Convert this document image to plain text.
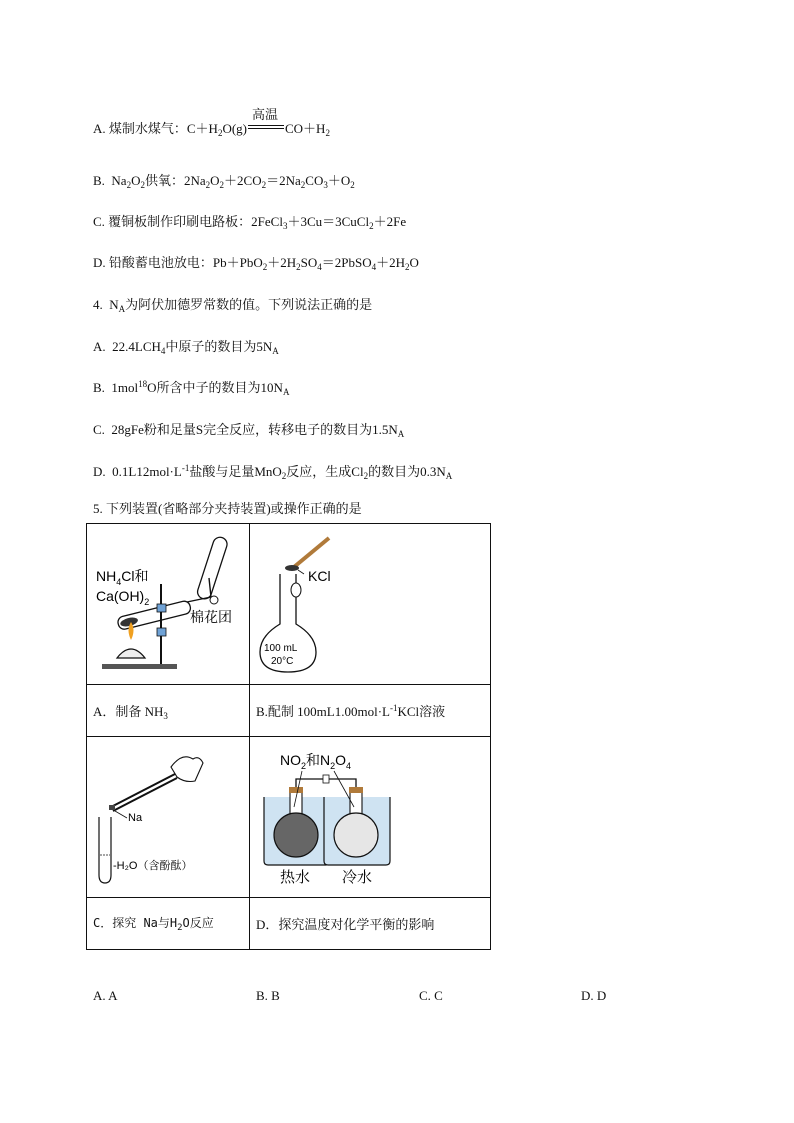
A. 煤制水煤气：$C+H_2O(g)$
高温
$CO+H_2$
B. $Na_2O_2$供氧：$2Na_2O_2+2CO_2=2Na_2CO_3+O_2$
C. 覆铜板制作印刷电路板：2FeCl$_3$＋3Cu＝3CuCl$_2$＋2Fe
D. 铅酸蓄电池放电：$Pb+PbO_2+2H_2SO_4=2PbSO_4+2H_2O$
4. $N_A$为阿伏加德罗常数的值。下列说法正确的是
A. $22.4LCH_4$中原子的数目为$5N_A$
B. 1mol$^{18}$O所含中子的数目为$10N_A$
C. 28gFe粉和足量S完全反应，转移电子的数目为$1.5N_A$
D. $0.1L12mol\cdot L^{-1}$盐酸与足量MnO$_2$反应，生成$Cl_2$的数目为$0.3N_A$
5. 下列装置(省略部分夹持装置)或操作正确的是
$NH_4Cl$和
$Ca(OH)_2$
棉花团	KCl
100 mL
20°C

A．制备 $NH_3$	B.配制 $100mL1.00mol\cdot L^{-1}KCl$溶液

Na
-H₂O（含酚酞）	$NO_2$和$N_2O_4$
热水 冷水

C．探究 Na与$H_2O$反应	D．探究温度对化学平衡的影响
A. A	B. B	C. C	D. D
